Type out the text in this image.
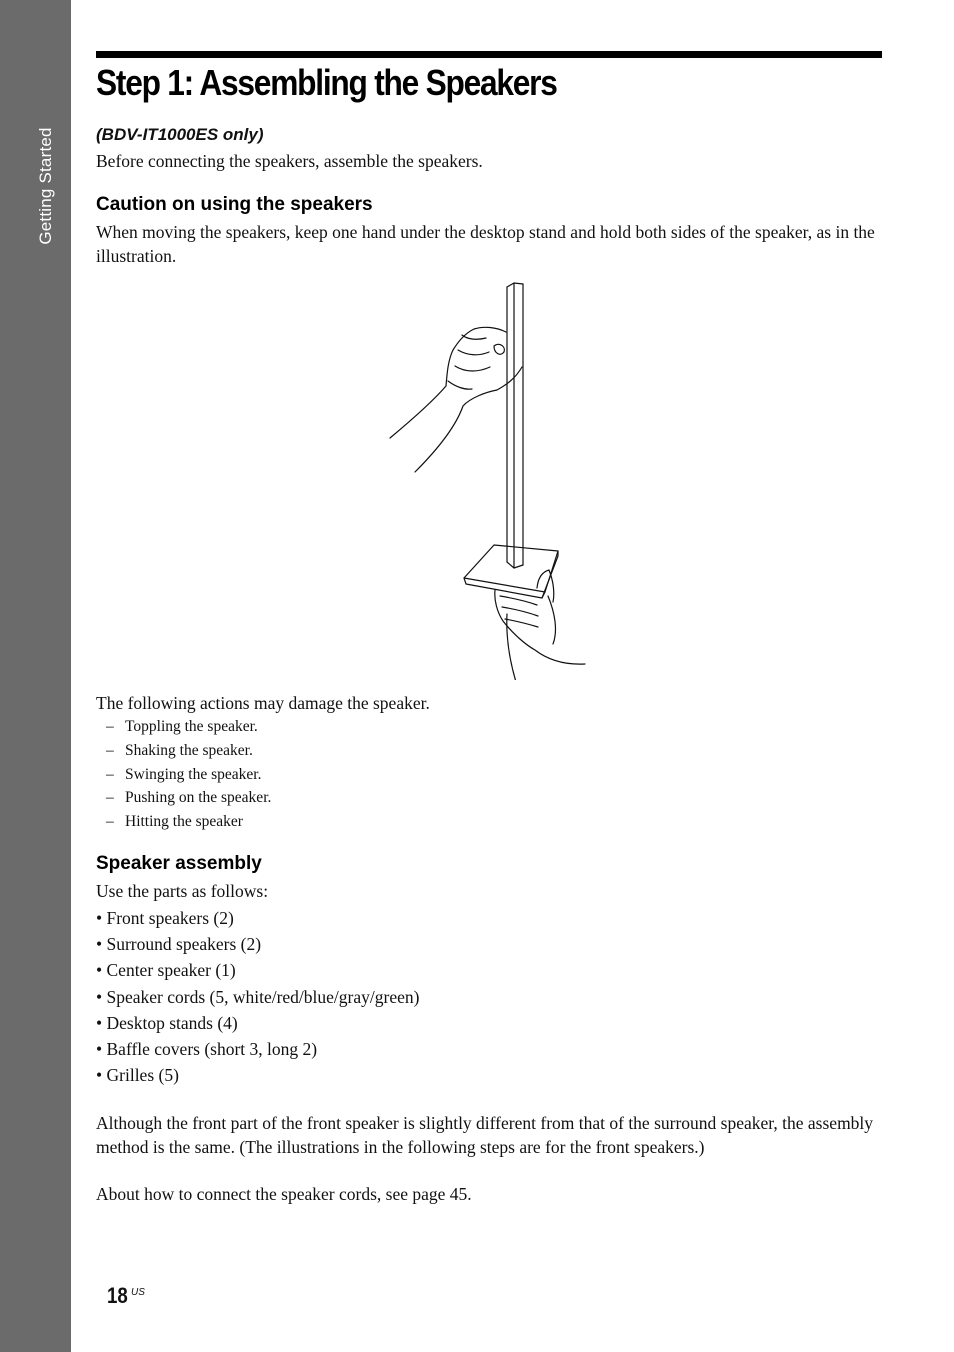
Getting Started
Step 1: Assembling the Speakers
(BDV-IT1000ES only)
Before connecting the speakers, assemble the speakers.
Caution on using the speakers
When moving the speakers, keep one hand under the desktop stand and hold both sides of the speaker, as in the illustration.
The following actions may damage the speaker.
– Toppling the speaker.
– Shaking the speaker.
– Swinging the speaker.
– Pushing on the speaker.
– Hitting the speaker
Speaker assembly
Use the parts as follows:
• Front speakers (2)
• Surround speakers (2)
• Center speaker (1)
• Speaker cords (5, white/red/blue/gray/green)
• Desktop stands (4)
• Baffle covers (short 3, long 2)
• Grilles (5)
Although the front part of the front speaker is slightly different from that of the surround speaker, the assembly method is the same. (The illustrations in the following steps are for the front speakers.)
About how to connect the speaker cords, see page 45.
18 US
